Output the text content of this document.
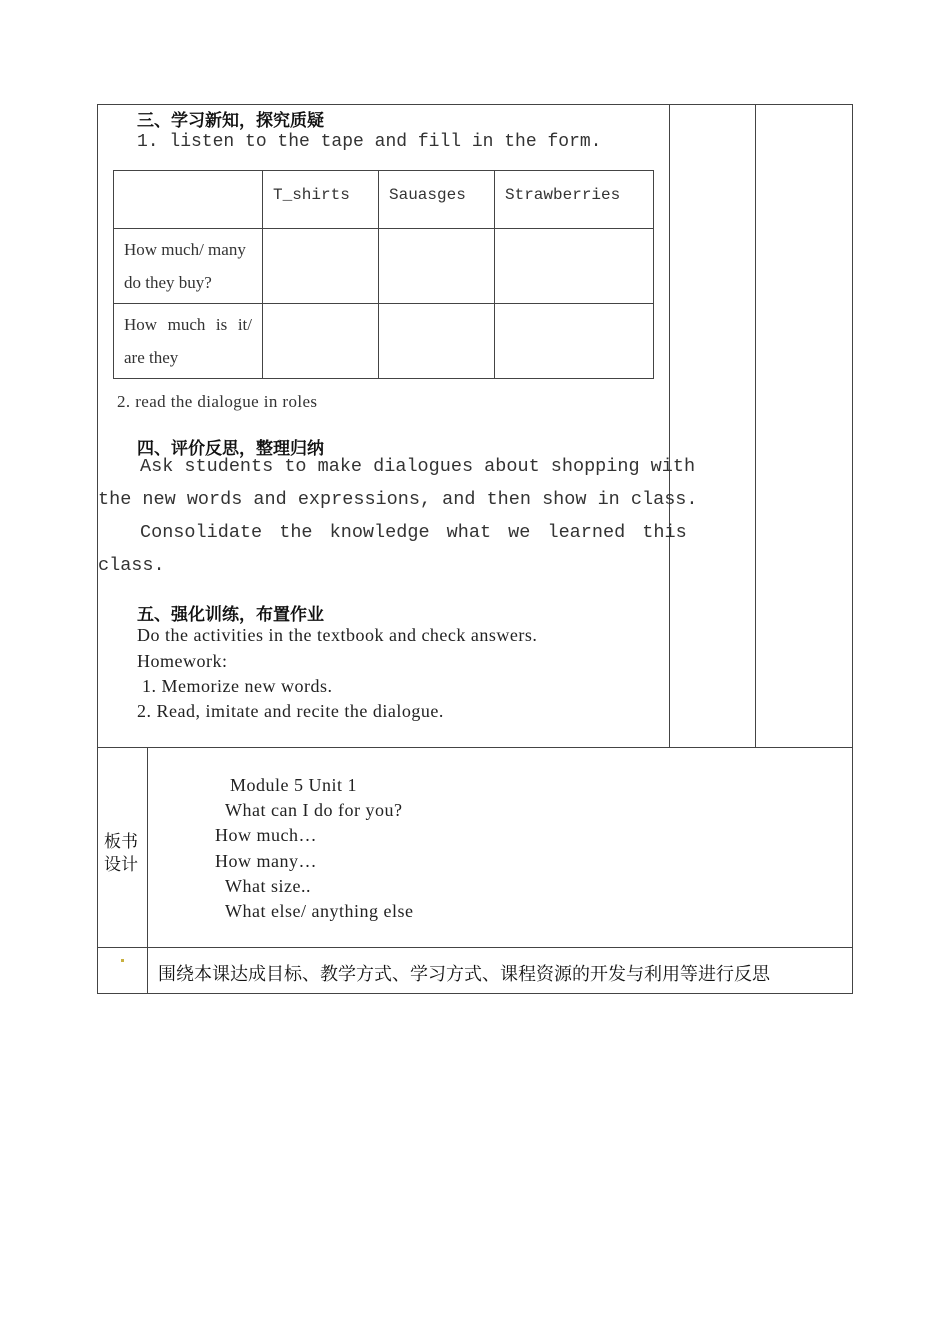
三、学习新知，探究质疑
1. listen to the tape and fill in the form.
	T_shirts	Sauasges	Strawberries
How much/ many do they buy?			
How much is it/ are they			
2. read the dialogue in roles
四、评价反思，整理归纳
Ask students to make dialogues about shopping with
the new words and expressions, and then show in class.
Consolidate the knowledge what we learned this
class.
五、强化训练，布置作业
Do the activities in the textbook and check answers.
Homework:
1. Memorize new words.
2. Read, imitate and recite the dialogue.
板书
设计
Module 5 Unit 1
What can I do for you?
How much…
How many…
What size..
What else/ anything else
围绕本课达成目标、教学方式、学习方式、课程资源的开发与利用等进行反思
